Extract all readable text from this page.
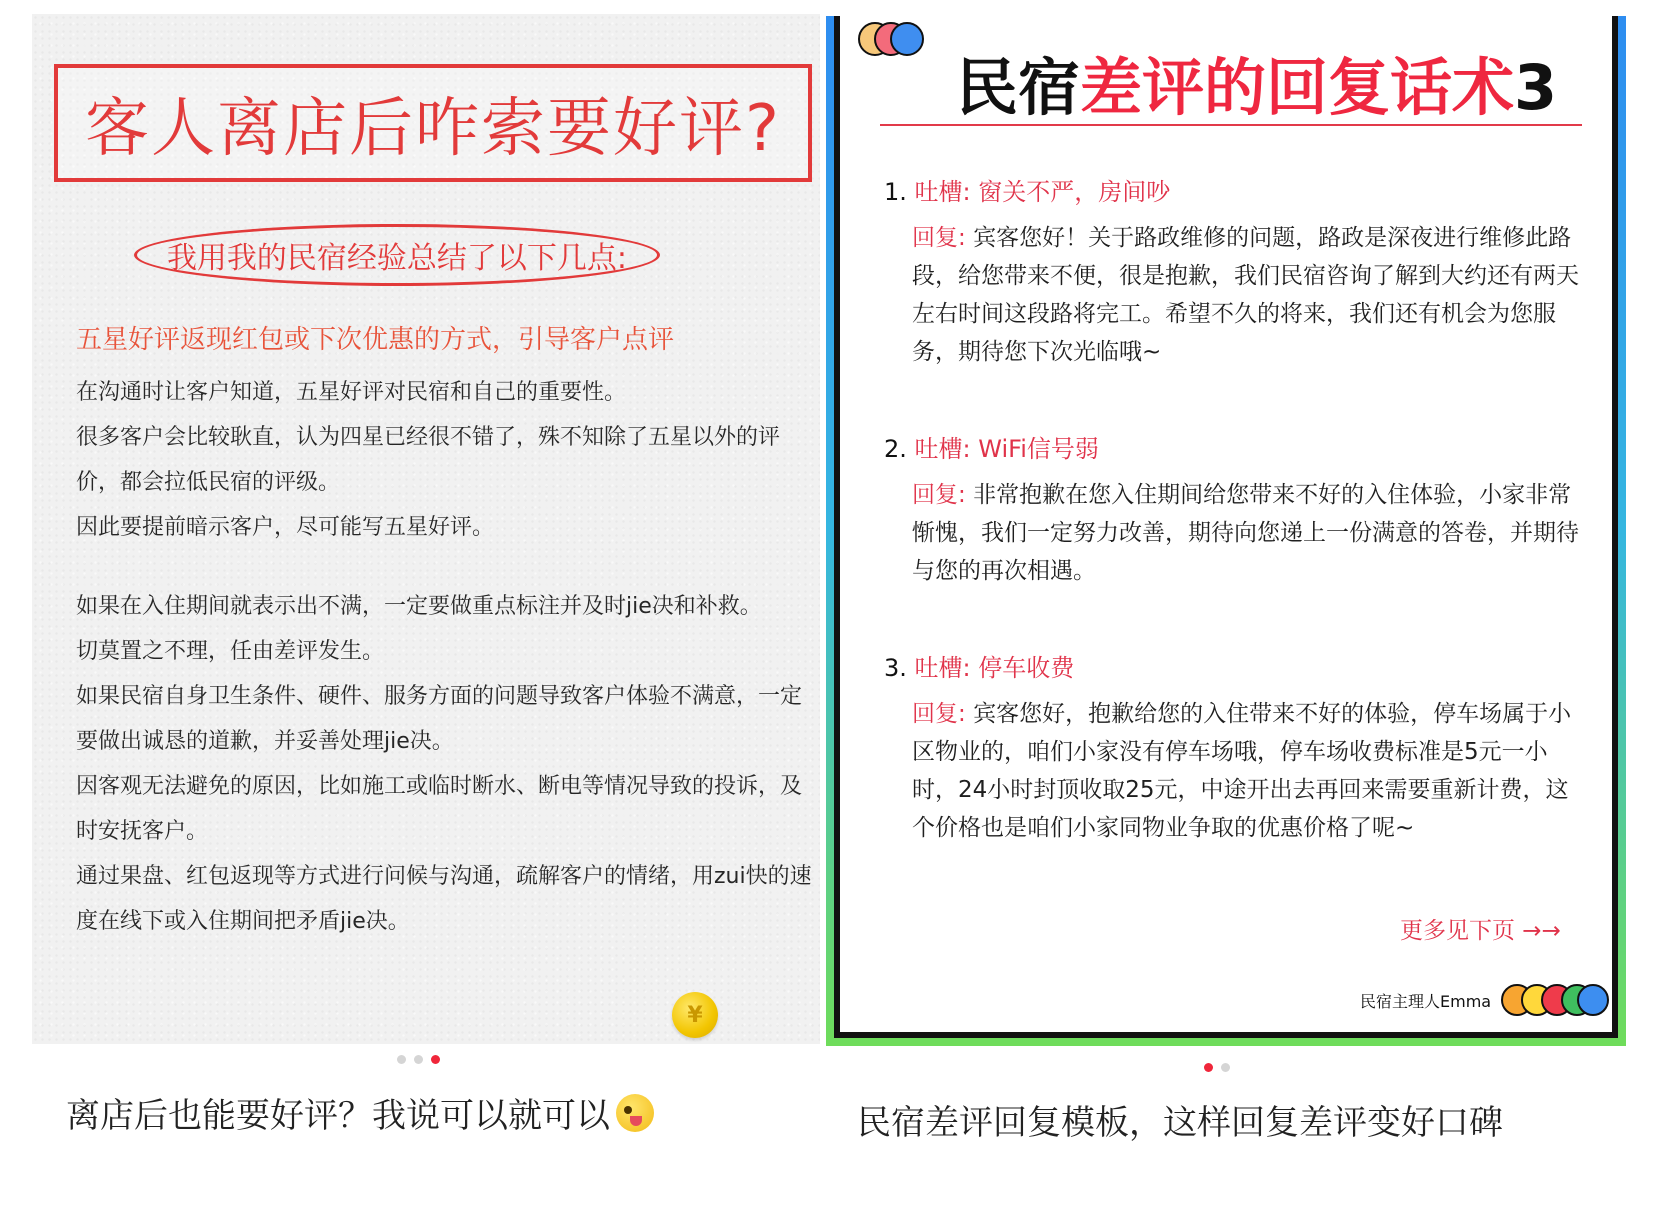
客人离店后咋索要好评?
我用我的民宿经验总结了以下几点:
五星好评返现红包或下次优惠的方式，引导客户点评

在沟通时让客户知道，五星好评对民宿和自己的重要性。

很多客户会比较耿直，认为四星已经很不错了，殊不知除了五星以外的评价，都会拉低民宿的评级。

因此要提前暗示客户，尽可能写五星好评。

如果在入住期间就表示出不满，一定要做重点标注并及时jie决和补救。

切莫置之不理，任由差评发生。

如果民宿自身卫生条件、硬件、服务方面的问题导致客户体验不满意，一定要做出诚恳的道歉，并妥善处理jie决。

因客观无法避免的原因，比如施工或临时断水、断电等情况导致的投诉，及时安抚客户。

通过果盘、红包返现等方式进行问候与沟通，疏解客户的情绪，用zui快的速度在线下或入住期间把矛盾jie决。

¥
离店后也能要好评？我说可以就可以
民宿差评的回复话术3
1. 吐槽: 窗关不严，房间吵
回复: 宾客您好！关于路政维修的问题，路政是深夜进行维修此路段，给您带来不便，很是抱歉，我们民宿咨询了解到大约还有两天左右时间这段路将完工。希望不久的将来，我们还有机会为您服务，期待您下次光临哦~
2. 吐槽: WiFi信号弱
回复: 非常抱歉在您入住期间给您带来不好的入住体验，小家非常惭愧，我们一定努力改善，期待向您递上一份满意的答卷，并期待与您的再次相遇。
3. 吐槽: 停车收费
回复: 宾客您好，抱歉给您的入住带来不好的体验，停车场属于小区物业的，咱们小家没有停车场哦，停车场收费标准是5元一小时，24小时封顶收取25元，中途开出去再回来需要重新计费，这个价格也是咱们小家同物业争取的优惠价格了呢~
更多见下页 →→
民宿主理人Emma
民宿差评回复模板，这样回复差评变好口碑
